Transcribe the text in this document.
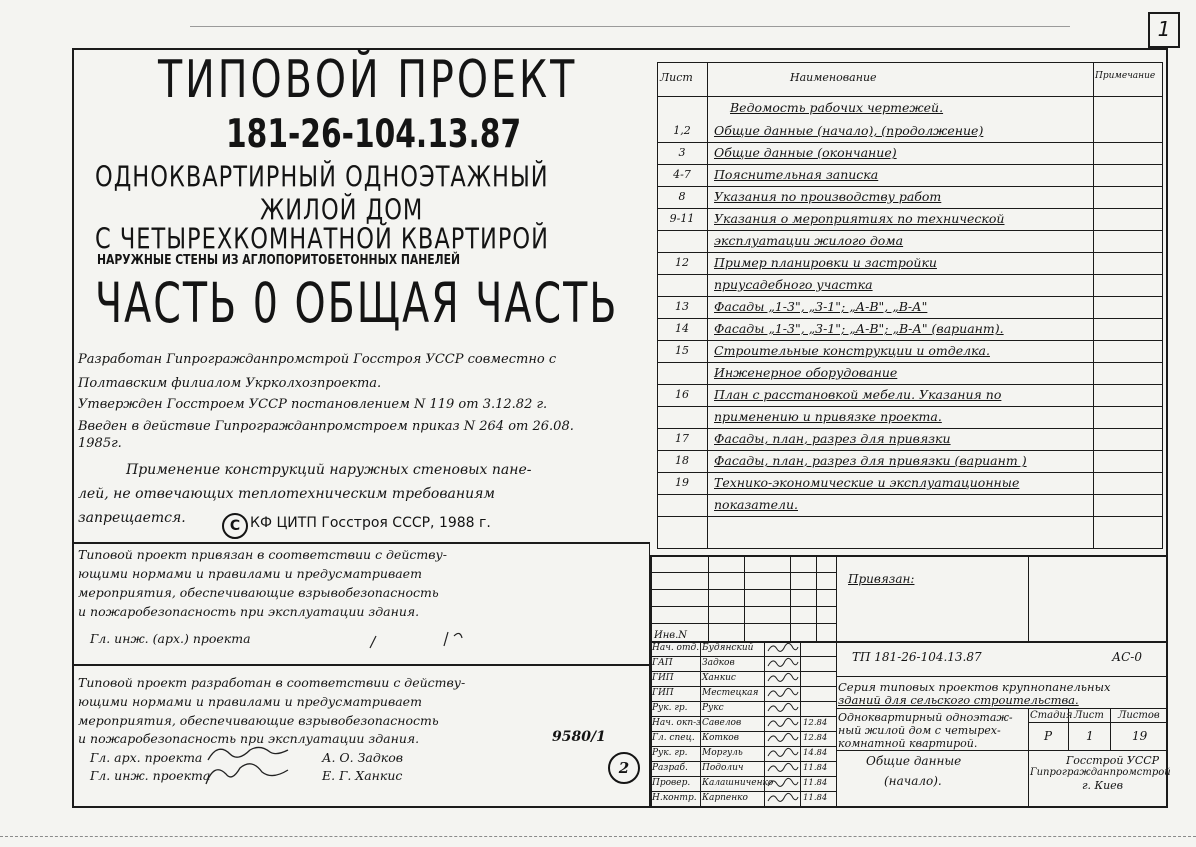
1
ТИПОВОЙ ПРОЕКТ
181-26-104.13.87
ОДНОКВАРТИРНЫЙ ОДНОЭТАЖНЫЙ
ЖИЛОЙ ДОМ
С ЧЕТЫРЕХКОМНАТНОЙ КВАРТИРОЙ
НАРУЖНЫЕ СТЕНЫ ИЗ АГЛОПОРИТОБЕТОННЫХ ПАНЕЛЕЙ
ЧАСТЬ 0 ОБЩАЯ ЧАСТЬ
Разработан Гипрогражданпромстрой Госстроя УССР совместно с
Полтавским филиалом Укрколхозпроекта.
Утвержден Госстроем УССР постановлением N 119 от 3.12.82 г.
Введен в действие Гипрогражданпромстроем приказ N 264 от 26.08.
1985г.
Применение конструкций наружных стеновых пане-
лей, не отвечающих теплотехническим требованиям
запрещается.	C КФ ЦИТП Госстроя СССР, 1988 г.
Типовой проект привязан в соответствии с действу-
ющими нормами и правилами и предусматривает
мероприятия, обеспечивающие взрывобезопасность
и пожаробезопасность при эксплуатации здания.
Гл. инж. (арх.) проекта
Типовой проект разработан в соответствии с действу-
ющими нормами и правилами и предусматривает
мероприятия, обеспечивающие взрывобезопасность
и пожаробезопасность при эксплуатации здания.
Гл. арх. проекта	А. О. Задков
Гл. инж. проекта	Е. Г. Ханкис
9580/1
2
Лист	Наименование	Примечание
Ведомость рабочих чертежей.
1,2	Общие данные (начало), (продолжение)
3	Общие данные (окончание)
4-7	Пояснительная записка
8	Указания по производству работ
9-11	Указания о мероприятиях по технической
эксплуатации жилого дома
12	Пример планировки и застройки
приусадебного участка
13	Фасады „1-3", „3-1"; „А-В", „В-А"
14	Фасады „1-3", „3-1"; „А-В"; „В-А" (вариант).
15	Строительные конструкции и отделка.
Инженерное оборудование
16	План с расстановкой мебели. Указания по
применению и привязке проекта.
17	Фасады, план, разрез для привязки
18	Фасады, план, разрез для привязки (вариант )
19	Технико-экономические и эксплуатационные
показатели.
Привязан:
Инв.N
Нач. отд. Будянский
ГАП	Задков
ГИП	Ханкис
ГИП	Местецкая
Рук. гр. Рукс
Нач. окп-з Савелов	12.84
Гл. спец. Котков	12.84
Рук. гр. Моргуль	14.84
Разраб. Подолич	11.84
Провер. Калашниченко	11.84
Н.контр. Карпенко	11.84
ТП 181-26-104.13.87	АС-0
Серия типовых проектов крупнопанельных
зданий для сельского строительства.
Одноквартирный одноэтаж-
ный жилой дом с четырех-
комнатной квартирой.
Общие данные
(начало).
Стадия Лист Листов
Р	1	19
Госстрой УССР
Гипрогражданпромстрой
г. Киев
